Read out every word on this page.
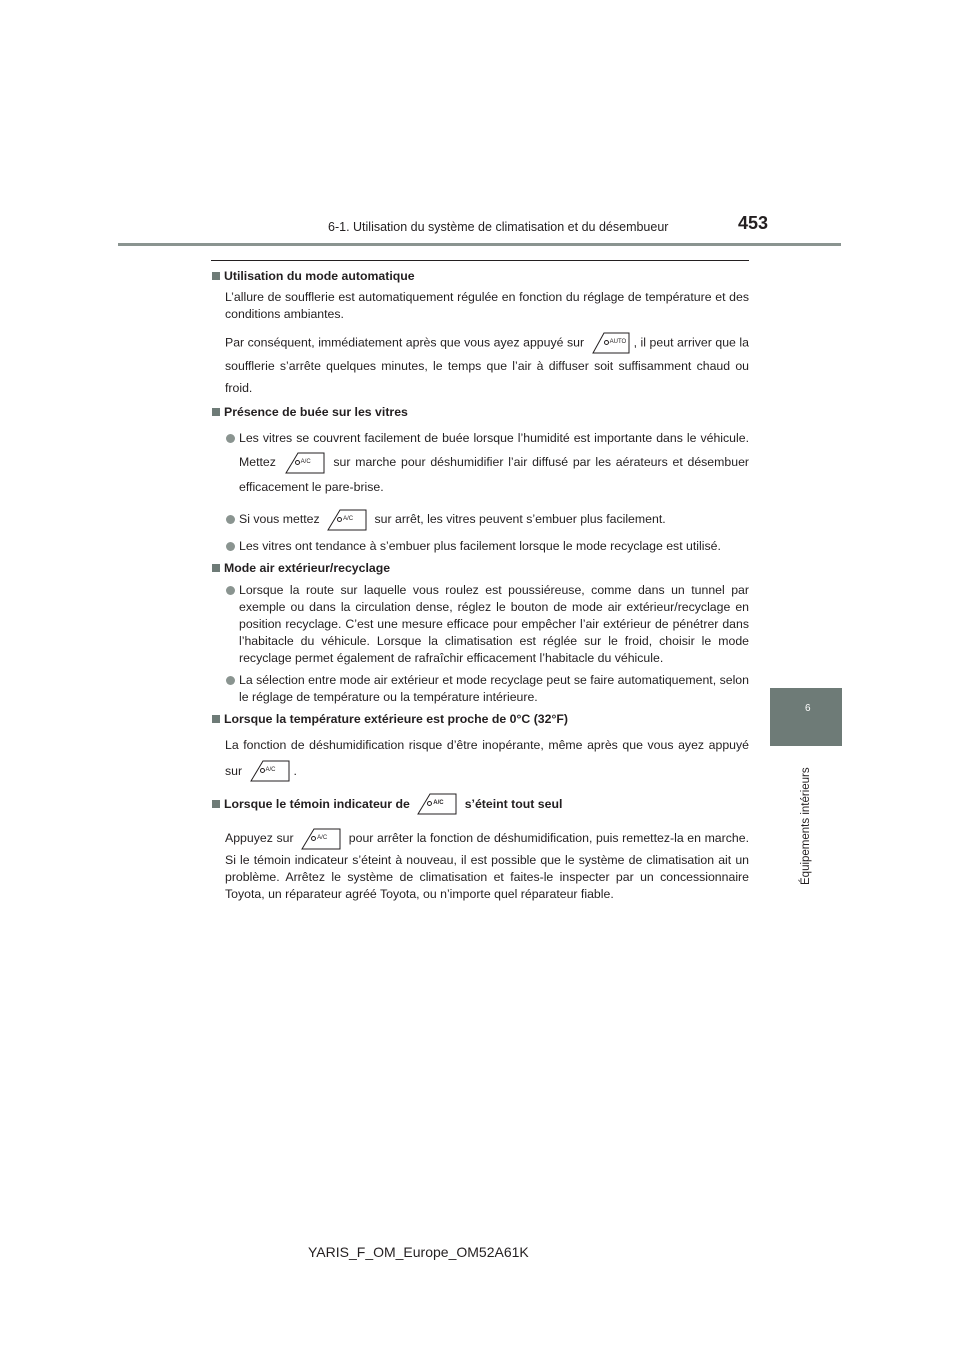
6-1. Utilisation du système de climatisation et du désembueur	453
6
Équipements intérieurs

Utilisation du mode automatique

L’allure de soufflerie est automatiquement régulée en fonction du réglage de température et des conditions ambiantes.

Par conséquent, immédiatement après que vous ayez appuyé sur	AUTO , il peut arriver que la soufflerie s’arrête quelques minutes, le temps que l’air à diffuser soit suffisamment chaud ou froid.

Présence de buée sur les vitres

Les vitres se couvrent facilement de buée lorsque l’humidité est importante dans le véhicule. Mettez	A/C sur marche pour déshumidifier l’air diffusé par les aérateurs et désembuer efficacement le pare-brise.

Si vous mettez	A/C sur arrêt, les vitres peuvent s’embuer plus facilement.

Les vitres ont tendance à s’embuer plus facilement lorsque le mode recyclage est utilisé.

Mode air extérieur/recyclage

Lorsque la route sur laquelle vous roulez est poussiéreuse, comme dans un tunnel par exemple ou dans la circulation dense, réglez le bouton de mode air extérieur/recyclage en position recyclage. C’est une mesure efficace pour empêcher l’air extérieur de pénétrer dans l’habitacle du véhicule. Lorsque la climatisation est réglée sur le froid, choisir le mode recyclage permet également de rafraîchir efficacement l’habitacle du véhicule.

La sélection entre mode air extérieur et mode recyclage peut se faire automatiquement, selon le réglage de température ou la température intérieure.

Lorsque la température extérieure est proche de 0°C (32°F)

La fonction de déshumidification risque d’être inopérante, même après que vous ayez appuyé sur	A/C .

Lorsque le témoin indicateur de	A/C s’éteint tout seul

Appuyez sur	A/C pour arrêter la fonction de déshumidification, puis remettez-la en marche. Si le témoin indicateur s’éteint à nouveau, il est possible que le système de climatisation ait un problème. Arrêtez le système de climatisation et faites-le inspecter par un concessionnaire Toyota, un réparateur agréé Toyota, ou n’importe quel réparateur fiable.

YARIS_F_OM_Europe_OM52A61K
